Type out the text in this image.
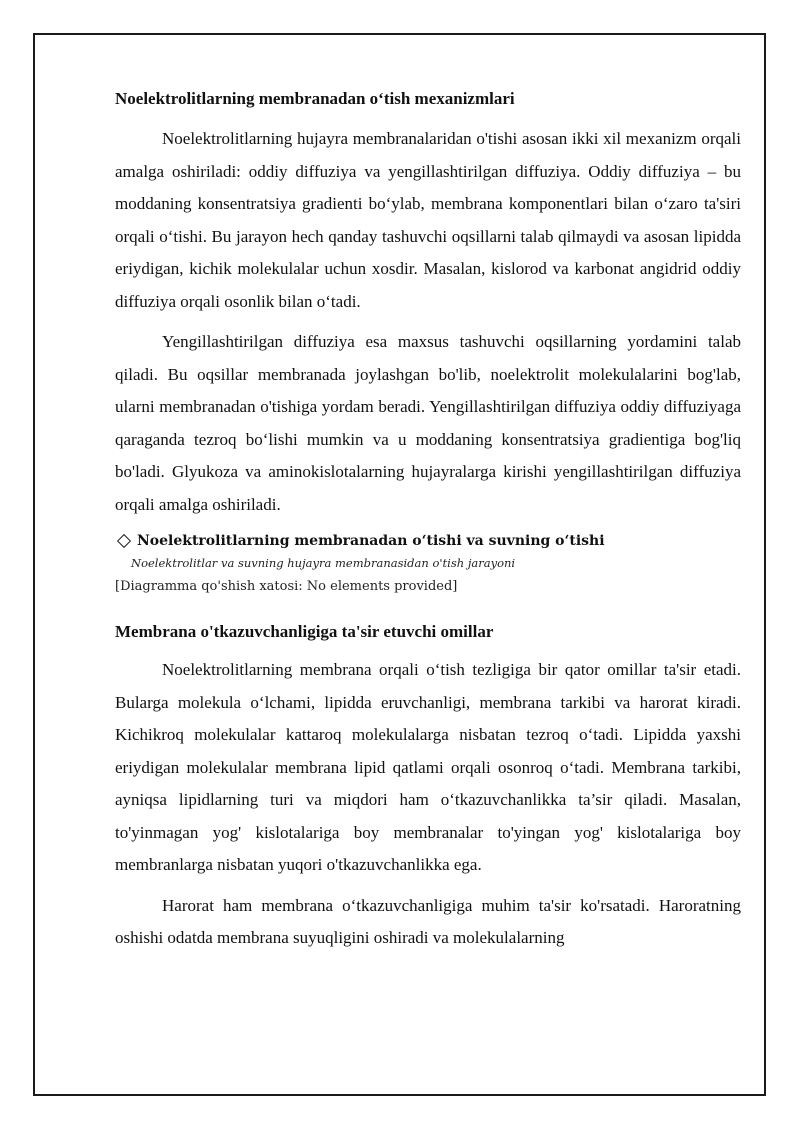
Noelektrolitlarning membranadan o‘tish mexanizmlari

Noelektrolitlarning hujayra membranalaridan o'tishi asosan ikki xil mexanizm orqali amalga oshiriladi: oddiy diffuziya va yengillashtirilgan diffuziya. Oddiy diffuziya – bu moddaning konsentratsiya gradienti bo‘ylab, membrana komponentlari bilan o‘zaro ta'siri orqali o‘tishi. Bu jarayon hech qanday tashuvchi oqsillarni talab qilmaydi va asosan lipidda eriydigan, kichik molekulalar uchun xosdir. Masalan, kislorod va karbonat angidrid oddiy diffuziya orqali osonlik bilan o‘tadi.

Yengillashtirilgan diffuziya esa maxsus tashuvchi oqsillarning yordamini talab qiladi. Bu oqsillar membranada joylashgan bo'lib, noelektrolit molekulalarini bog'lab, ularni membranadan o'tishiga yordam beradi. Yengillashtirilgan diffuziya oddiy diffuziyaga qaraganda tezroq bo‘lishi mumkin va u moddaning konsentratsiya gradientiga bog'liq bo'ladi. Glyukoza va aminokislotalarning hujayralarga kirishi yengillashtirilgan diffuziya orqali amalga oshiriladi.

Noelektrolitlarning membranadan o‘tishi va suvning o‘tishi
Noelektrolitlar va suvning hujayra membranasidan o'tish jarayoni
[Diagramma qo'shish xatosi: No elements provided]
Membrana o'tkazuvchanligiga ta'sir etuvchi omillar

Noelektrolitlarning membrana orqali o‘tish tezligiga bir qator omillar ta'sir etadi. Bularga molekula o‘lchami, lipidda eruvchanligi, membrana tarkibi va harorat kiradi. Kichikroq molekulalar kattaroq molekulalarga nisbatan tezroq o‘tadi. Lipidda yaxshi eriydigan molekulalar membrana lipid qatlami orqali osonroq o‘tadi. Membrana tarkibi, ayniqsa lipidlarning turi va miqdori ham o‘tkazuvchanlikka ta’sir qiladi. Masalan, to'yinmagan yog' kislotalariga boy membranalar to'yingan yog' kislotalariga boy membranlarga nisbatan yuqori o'tkazuvchanlikka ega.

Harorat ham membrana o‘tkazuvchanligiga muhim ta'sir ko'rsatadi. Haroratning oshishi odatda membrana suyuqligini oshiradi va molekulalarning
